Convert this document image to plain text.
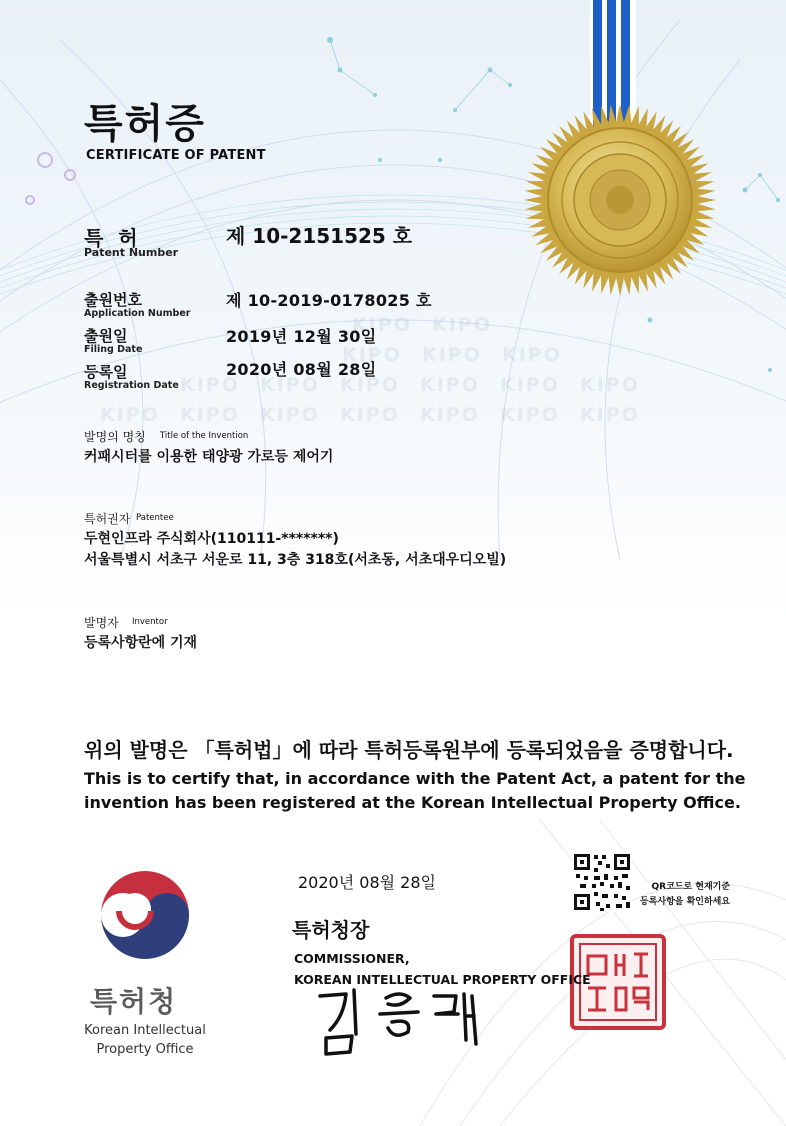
KIPO KIPO
KIPO KIPO KIPO
KIPO KIPO KIPO KIPO KIPO KIPO
KIPO KIPO KIPO KIPO KIPO KIPO KIPO
특허증
CERTIFICATE OF PATENT
특 허
Patent Number
제 10-2151525 호
출원번호
Application Number
제 10-2019-0178025 호
출원일
Filing Date
2019년 12월 30일
등록일
Registration Date
2020년 08월 28일
발명의 명칭 Title of the Invention
커패시터를 이용한 태양광 가로등 제어기
특허권자 Patentee
두현인프라 주식회사(110111-*******)
서울특별시 서초구 서운로 11, 3층 318호(서초동, 서초대우디오빌)
발명자 Inventor
등록사항란에 기재
위의 발명은 「특허법」에 따라 특허등록원부에 등록되었음을 증명합니다.
This is to certify that, in accordance with the Patent Act, a patent for the
invention has been registered at the Korean Intellectual Property Office.
2020년 08월 28일	QR코드로 현재기준
등록사항을 확인하세요
특허청장
COMMISSIONER,
KOREAN INTELLECTUAL PROPERTY OFFICE
특허청
Korean Intellectual
Property Office
